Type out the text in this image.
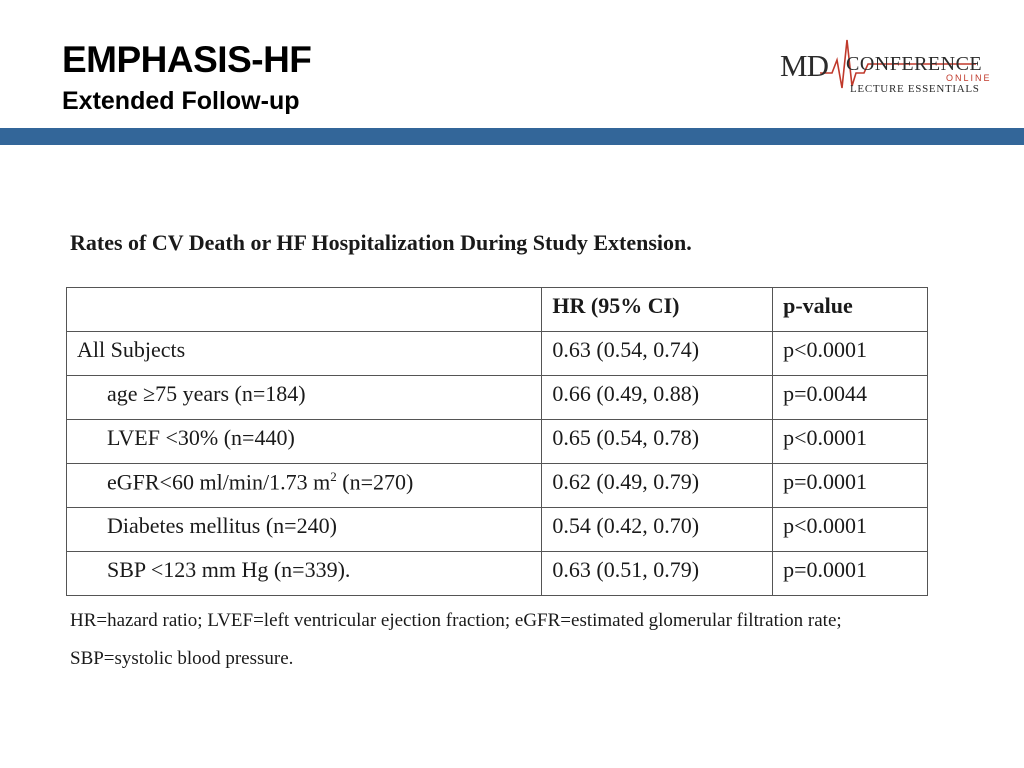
EMPHASIS-HF
Extended Follow-up
MD CONFERENCE
ONLINE
LECTURE ESSENTIALS
Rates of CV Death or HF Hospitalization During Study Extension.
	HR (95% CI)	p-value
All Subjects	0.63 (0.54, 0.74)	p<0.0001
age ≥75 years (n=184)	0.66 (0.49, 0.88)	p=0.0044
LVEF <30% (n=440)	0.65 (0.54, 0.78)	p<0.0001
eGFR<60 ml/min/1.73 $m^2$ (n=270)	0.62 (0.49, 0.79)	p=0.0001
Diabetes mellitus (n=240)	0.54 (0.42, 0.70)	p<0.0001
SBP <123 mm Hg (n=339).	0.63 (0.51, 0.79)	p=0.0001
HR=hazard ratio; LVEF=left ventricular ejection fraction; eGFR=estimated glomerular filtration rate; SBP=systolic blood pressure.
